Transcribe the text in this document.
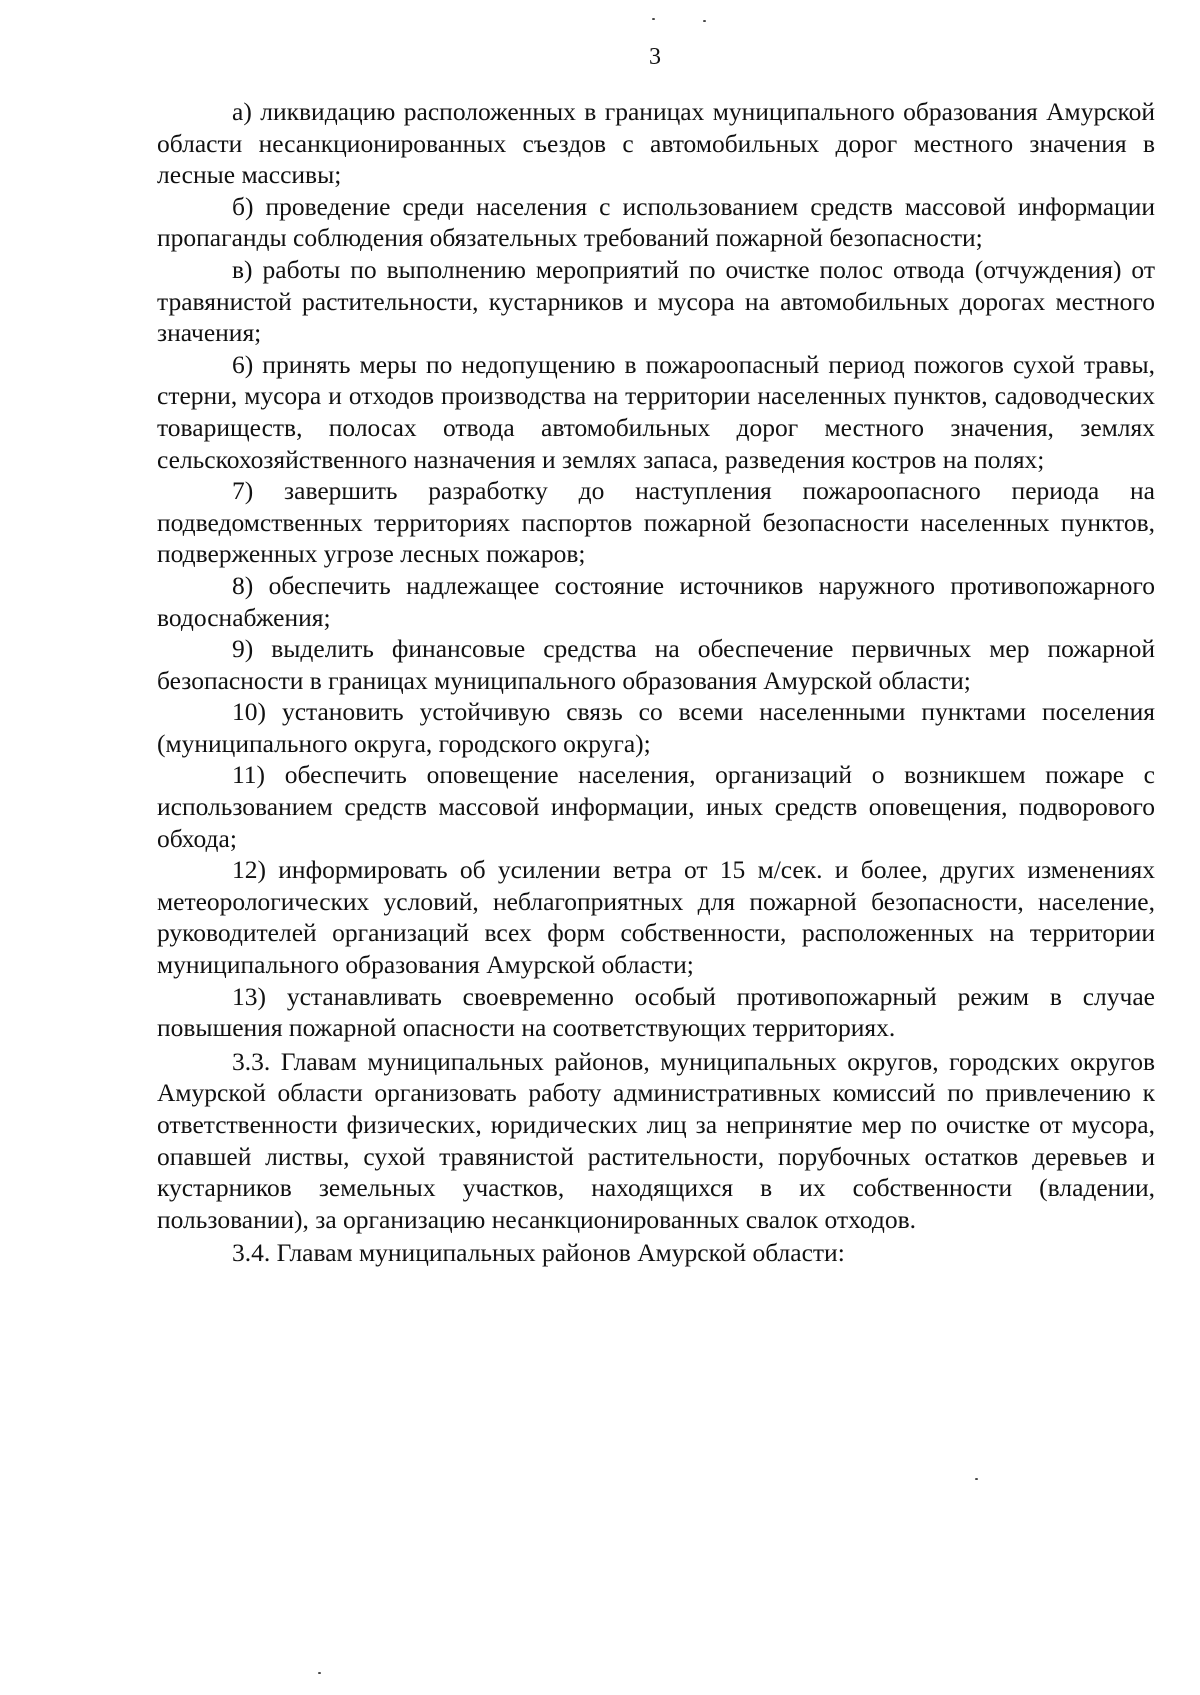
3

а) ликвидацию расположенных в границах муниципального образования Амурской области несанкционированных съездов с автомобильных дорог местного значения в лесные массивы;

б) проведение среди населения с использованием средств массовой информации пропаганды соблюдения обязательных требований пожарной безопасности;

в) работы по выполнению мероприятий по очистке полос отвода (отчуждения) от травянистой растительности, кустарников и мусора на автомобильных дорогах местного значения;

6) принять меры по недопущению в пожароопасный период пожогов сухой травы, стерни, мусора и отходов производства на территории населенных пунктов, садоводческих товариществ, полосах отвода автомобильных дорог местного значения, землях сельскохозяйственного назначения и землях запаса, разведения костров на полях;

7) завершить разработку до наступления пожароопасного периода на подведомственных территориях паспортов пожарной безопасности населенных пунктов, подверженных угрозе лесных пожаров;

8) обеспечить надлежащее состояние источников наружного противопожарного водоснабжения;

9) выделить финансовые средства на обеспечение первичных мер пожарной безопасности в границах муниципального образования Амурской области;

10) установить устойчивую связь со всеми населенными пунктами поселения (муниципального округа, городского округа);

11) обеспечить оповещение населения, организаций о возникшем пожаре с использованием средств массовой информации, иных средств оповещения, подворового обхода;

12) информировать об усилении ветра от 15 м/сек. и более, других изменениях метеорологических условий, неблагоприятных для пожарной безопасности, население, руководителей организаций всех форм собственности, расположенных на территории муниципального образования Амурской области;

13) устанавливать своевременно особый противопожарный режим в случае повышения пожарной опасности на соответствующих территориях.

3.3. Главам муниципальных районов, муниципальных округов, городских округов Амурской области организовать работу административных комиссий по привлечению к ответственности физических, юридических лиц за непринятие мер по очистке от мусора, опавшей листвы, сухой травянистой растительности, порубочных остатков деревьев и кустарников земельных участков, находящихся в их собственности (владении, пользовании), за организацию несанкционированных свалок отходов.

3.4. Главам муниципальных районов Амурской области:
